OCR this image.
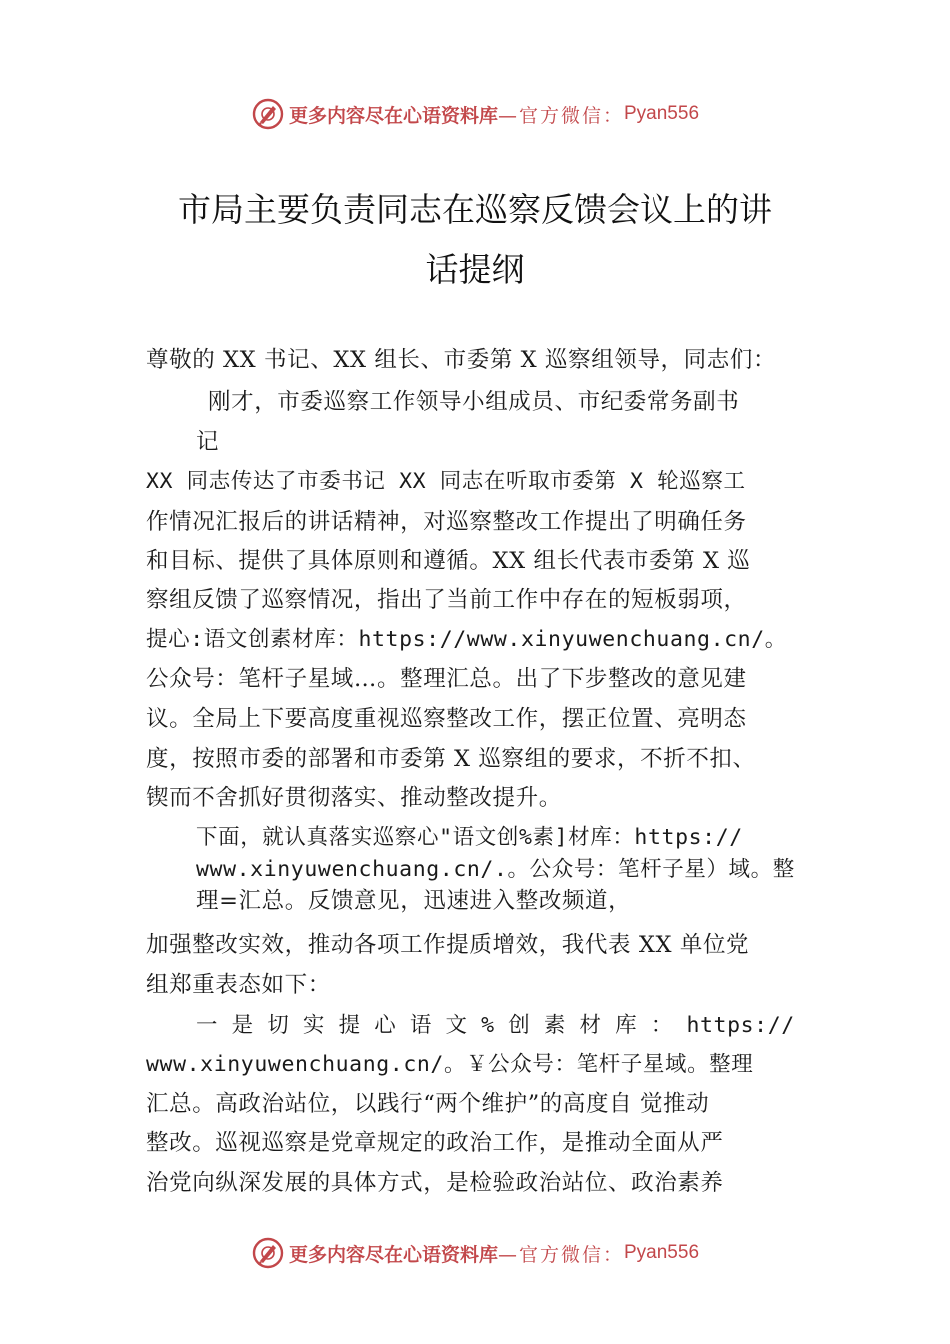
更多内容尽在心语资料库 —官方微信： Pyan556
市局主要负责同志在巡察反馈会议上的讲
话提纲
尊敬的 XX 书记、XX 组长、市委第 X 巡察组领导，同志们：
刚才，市委巡察工作领导小组成员、市纪委常务副书
记
XX 同志传达了市委书记 XX 同志在听取市委第 X 轮巡察工
作情况汇报后的讲话精神，对巡察整改工作提出了明确任务
和目标、提供了具体原则和遵循。XX 组长代表市委第 X 巡
察组反馈了巡察情况，指出了当前工作中存在的短板弱项，
提心:语文创素材库：https://www.xinyuwenchuang.cn/。
公众号：笔杆子星域…。整理汇总。出了下步整改的意见建
议。全局上下要高度重视巡察整改工作，摆正位置、亮明态
度，按照市委的部署和市委第 X 巡察组的要求，不折不扣、
锲而不舍抓好贯彻落实、推动整改提升。
下面，就认真落实巡察心"语文创%素]材库：https://
www.xinyuwenchuang.cn/.。公众号：笔杆子星）域。整
理=汇总。反馈意见，迅速进入整改频道，
加强整改实效，推动各项工作提质增效，我代表 XX 单位党
组郑重表态如下：
一 是 切 实 提 心 语 文 % 创 素 材 库 ： https://
www.xinyuwenchuang.cn/。￥公众号：笔杆子星域。整理
汇总。高政治站位，以践行“两个维护”的高度自 觉推动
整改。巡视巡察是党章规定的政治工作，是推动全面从严
治党向纵深发展的具体方式，是检验政治站位、政治素养
更多内容尽在心语资料库 —官方微信： Pyan556
